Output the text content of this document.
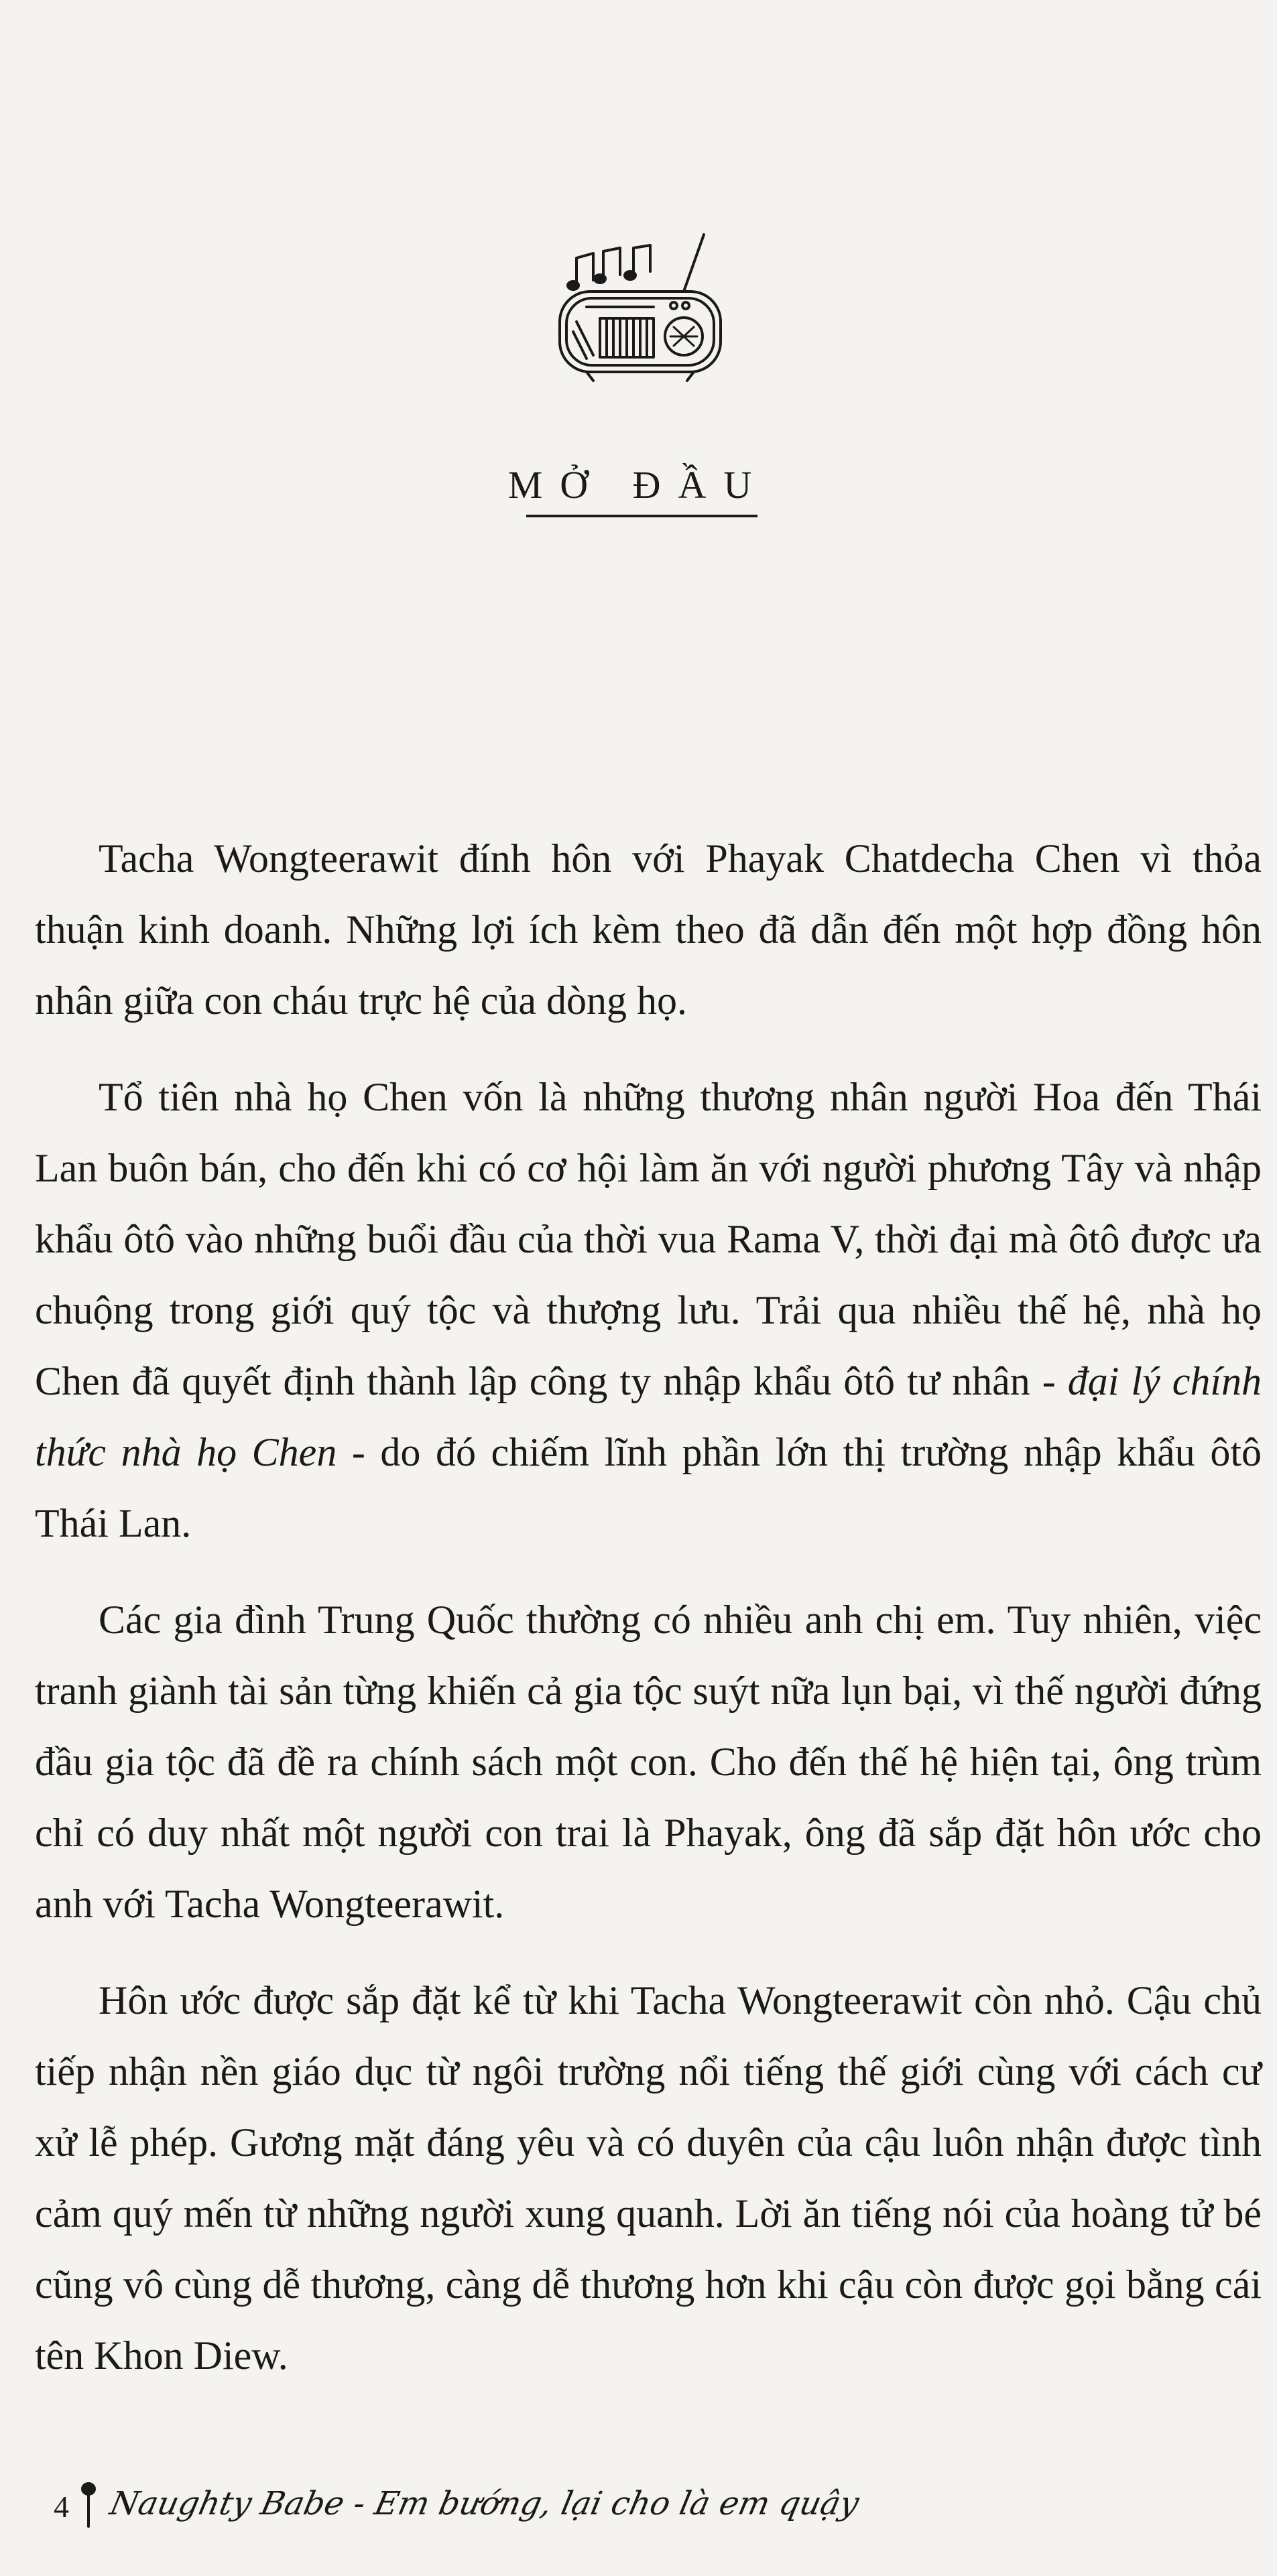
MỞ ĐẦU

Tacha Wongteerawit đính hôn với Phayak Chatdecha Chen vì thỏa thuận kinh doanh. Những lợi ích kèm theo đã dẫn đến một hợp đồng hôn nhân giữa con cháu trực hệ của dòng họ.

Tổ tiên nhà họ Chen vốn là những thương nhân người Hoa đến Thái Lan buôn bán, cho đến khi có cơ hội làm ăn với người phương Tây và nhập khẩu ôtô vào những buổi đầu của thời vua Rama V, thời đại mà ôtô được ưa chuộng trong giới quý tộc và thượng lưu. Trải qua nhiều thế hệ, nhà họ Chen đã quyết định thành lập công ty nhập khẩu ôtô tư nhân - đại lý chính thức nhà họ Chen - do đó chiếm lĩnh phần lớn thị trường nhập khẩu ôtô Thái Lan.

Các gia đình Trung Quốc thường có nhiều anh chị em. Tuy nhiên, việc tranh giành tài sản từng khiến cả gia tộc suýt nữa lụn bại, vì thế người đứng đầu gia tộc đã đề ra chính sách một con. Cho đến thế hệ hiện tại, ông trùm chỉ có duy nhất một người con trai là Phayak, ông đã sắp đặt hôn ước cho anh với Tacha Wongteerawit.

Hôn ước được sắp đặt kể từ khi Tacha Wongteerawit còn nhỏ. Cậu chủ tiếp nhận nền giáo dục từ ngôi trường nổi tiếng thế giới cùng với cách cư xử lễ phép. Gương mặt đáng yêu và có duyên của cậu luôn nhận được tình cảm quý mến từ những người xung quanh. Lời ăn tiếng nói của hoàng tử bé cũng vô cùng dễ thương, càng dễ thương hơn khi cậu còn được gọi bằng cái tên Khon Diew.

4 Naughty Babe - Em bướng, lại cho là em quậy
